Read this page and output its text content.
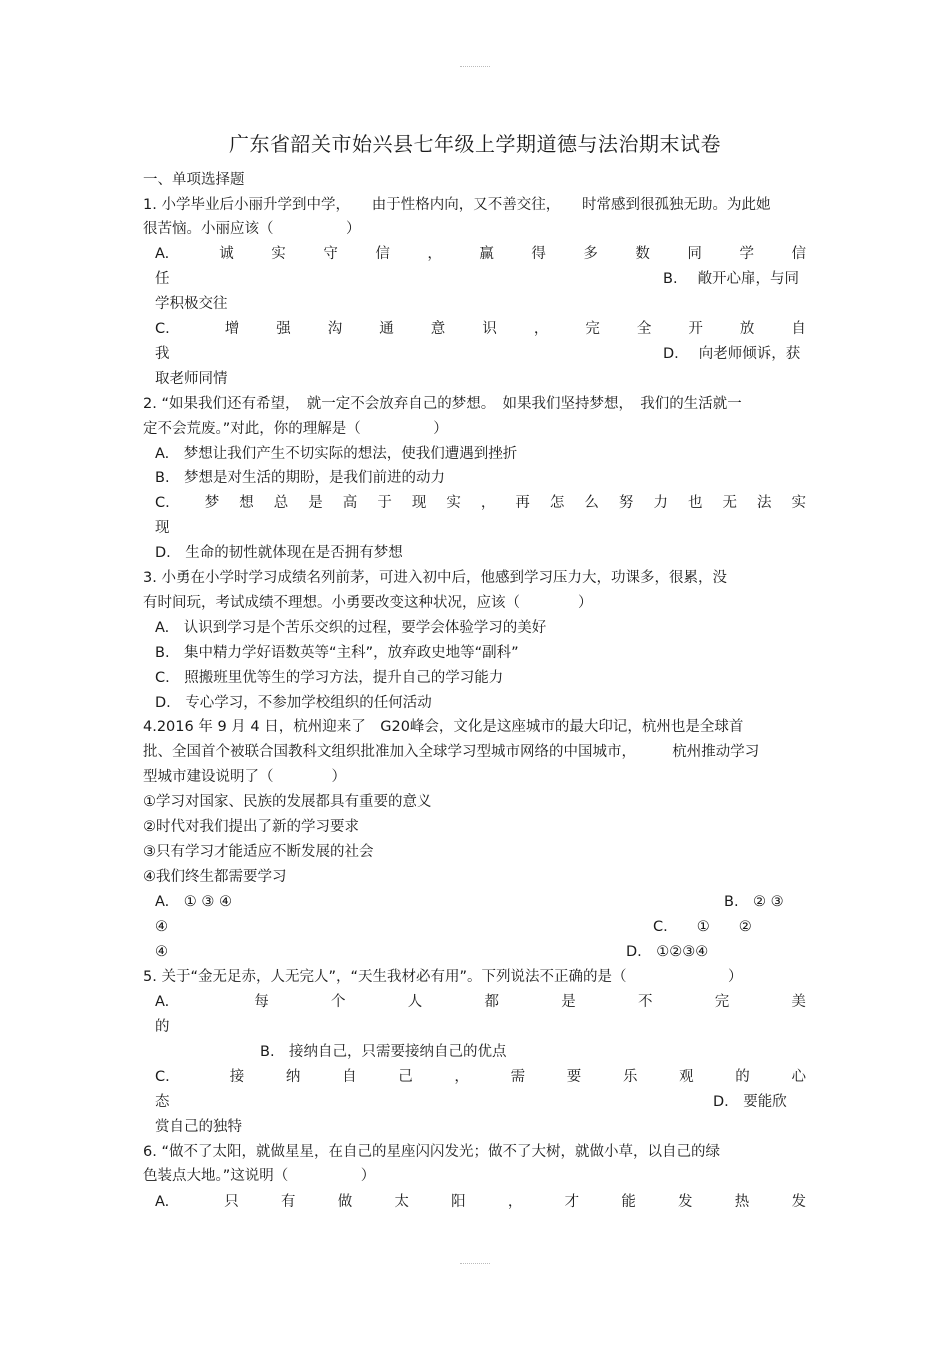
广东省韶关市始兴县七年级上学期道德与法治期末试卷
一、单项选择题
1. 小学毕业后小丽升学到中学，　　由于性格内向，又不善交往，　　时常感到很孤独无助。为此她
很苦恼。小丽应该（　　　　　）
A.	诚	实	守	信	，	赢	得	多	数	同	学	信
任	B. 敞开心扉，与同
学积极交往
C.	增	强	沟	通	意	识	，	完	全	开	放	自
我	D. 向老师倾诉，获
取老师同情
2. “如果我们还有希望，　就一定不会放弃自己的梦想。　如果我们坚持梦想，　我们的生活就一
定不会荒废。”对此，你的理解是（　　　　　）
A.　梦想让我们产生不切实际的想法，使我们遭遇到挫折
B.　梦想是对生活的期盼，是我们前进的动力
C. 梦 想 总 是 高 于 现 实 ， 再 怎 么 努 力 也 无 法 实
现
D.　生命的韧性就体现在是否拥有梦想
3. 小勇在小学时学习成绩名列前茅，可进入初中后，他感到学习压力大，功课多，很累，没
有时间玩，考试成绩不理想。小勇要改变这种状况，应该（　　　　）
A.　认识到学习是个苦乐交织的过程，要学会体验学习的美好
B.　集中精力学好语数英等“主科”，放弃政史地等“副科”
C.　照搬班里优等生的学习方法，提升自己的学习能力
D.　专心学习，不参加学校组织的任何活动
4.2016 年 9 月 4 日，杭州迎来了　G20峰会，文化是这座城市的最大印记，杭州也是全球首
批、全国首个被联合国教科文组织批准加入全球学习型城市网络的中国城市，　　　杭州推动学习
型城市建设说明了（　　　　）
①学习对国家、民族的发展都具有重要的意义
②时代对我们提出了新的学习要求
③只有学习才能适应不断发展的社会
④我们终生都需要学习
A.　① ③ ④	B.　② ③
④	C.　　①　　②
④	D.　①②③④
5. 关于“金无足赤，人无完人”，“天生我材必有用”。下列说法不正确的是（　　　　　　　）
A.	每	个	人	都	是	不	完	美
的
B.　接纳自己，只需要接纳自己的优点
C.	接	纳	自	己	，	需	要	乐	观	的	心
态	D.　要能欣
赏自己的独特
6. “做不了太阳，就做星星，在自己的星座闪闪发光；做不了大树，就做小草，以自己的绿
色装点大地。”这说明（　　　　　）
A.	只	有	做	太	阳	，	才	能	发	热	发
